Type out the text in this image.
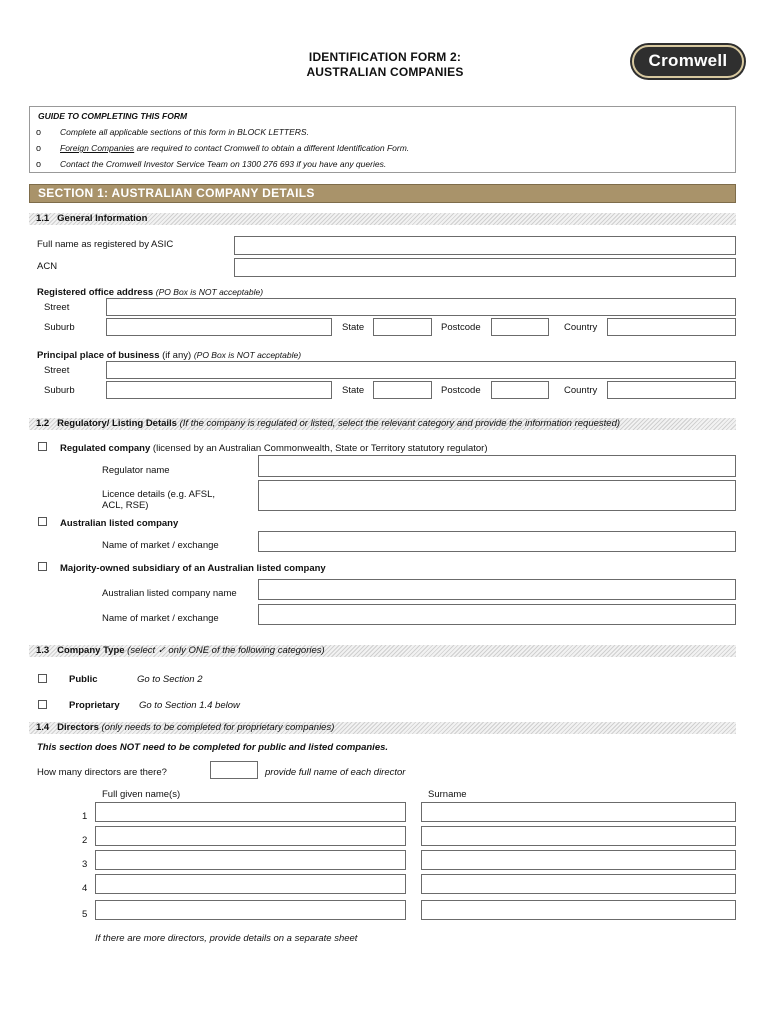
IDENTIFICATION FORM 2:
AUSTRALIAN COMPANIES
Cromwell
GUIDE TO COMPLETING THIS FORM
o Complete all applicable sections of this form in BLOCK LETTERS.
o Foreign Companies are required to contact Cromwell to obtain a different Identification Form.
o Contact the Cromwell Investor Service Team on 1300 276 693 if you have any queries.
SECTION 1: AUSTRALIAN COMPANY DETAILS
1.1 General Information
Full name as registered by ASIC
ACN
Registered office address (PO Box is NOT acceptable)
Street
Suburb	State	Postcode	Country
Principal place of business (if any) (PO Box is NOT acceptable)
Street
Suburb	State	Postcode	Country
1.2 Regulatory/ Listing Details (If the company is regulated or listed, select the relevant category and provide the information requested)
Regulated company (licensed by an Australian Commonwealth, State or Territory statutory regulator)
Regulator name
Licence details (e.g. AFSL,
ACL, RSE)
Australian listed company
Name of market / exchange
Majority-owned subsidiary of an Australian listed company
Australian listed company name
Name of market / exchange
1.3 Company Type (select ✓ only ONE of the following categories)
Public	Go to Section 2
Proprietary Go to Section 1.4 below
1.4 Directors (only needs to be completed for proprietary companies)
This section does NOT need to be completed for public and listed companies.
How many directors are there?	provide full name of each director
Full given name(s)	Surname
1
2
3
4
5
If there are more directors, provide details on a separate sheet
